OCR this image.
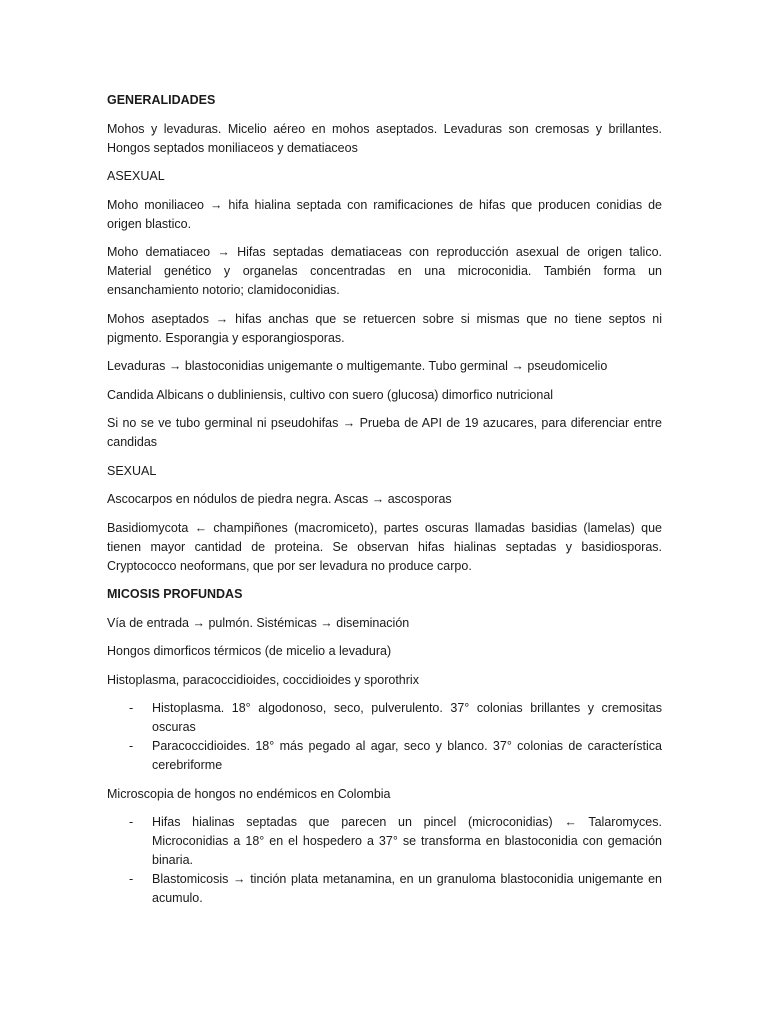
GENERALIDADES

Mohos y levaduras. Micelio aéreo en mohos aseptados. Levaduras son cremosas y brillantes. Hongos septados moniliaceos y dematiaceos

ASEXUAL

Moho moniliaceo → hifa hialina septada con ramificaciones de hifas que producen conidias de origen blastico.

Moho dematiaceo → Hifas septadas dematiaceas con reproducción asexual de origen talico. Material genético y organelas concentradas en una microconidia. También forma un ensanchamiento notorio; clamidoconidias.

Mohos aseptados → hifas anchas que se retuercen sobre si mismas que no tiene septos ni pigmento. Esporangia y esporangiosporas.

Levaduras → blastoconidias unigemante o multigemante. Tubo germinal → pseudomicelio

Candida Albicans o dubliniensis, cultivo con suero (glucosa) dimorfico nutricional

Si no se ve tubo germinal ni pseudohifas → Prueba de API de 19 azucares, para diferenciar entre candidas

SEXUAL

Ascocarpos en nódulos de piedra negra. Ascas → ascosporas

Basidiomycota ← champiñones (macromiceto), partes oscuras llamadas basidias (lamelas) que tienen mayor cantidad de proteina. Se observan hifas hialinas septadas y basidiosporas. Cryptococco neoformans, que por ser levadura no produce carpo.

MICOSIS PROFUNDAS

Vía de entrada → pulmón. Sistémicas → diseminación

Hongos dimorficos térmicos (de micelio a levadura)

Histoplasma, paracoccidioides, coccidioides y sporothrix

- Histoplasma. 18° algodonoso, seco, pulverulento. 37° colonias brillantes y cremositas oscuras
- Paracoccidioides. 18° más pegado al agar, seco y blanco. 37° colonias de característica cerebriforme

Microscopia de hongos no endémicos en Colombia

- Hifas hialinas septadas que parecen un pincel (microconidias) ← Talaromyces. Microconidias a 18° en el hospedero a 37° se transforma en blastoconidia con gemación binaria.
- Blastomicosis → tinción plata metanamina, en un granuloma blastoconidia unigemante en acumulo.
